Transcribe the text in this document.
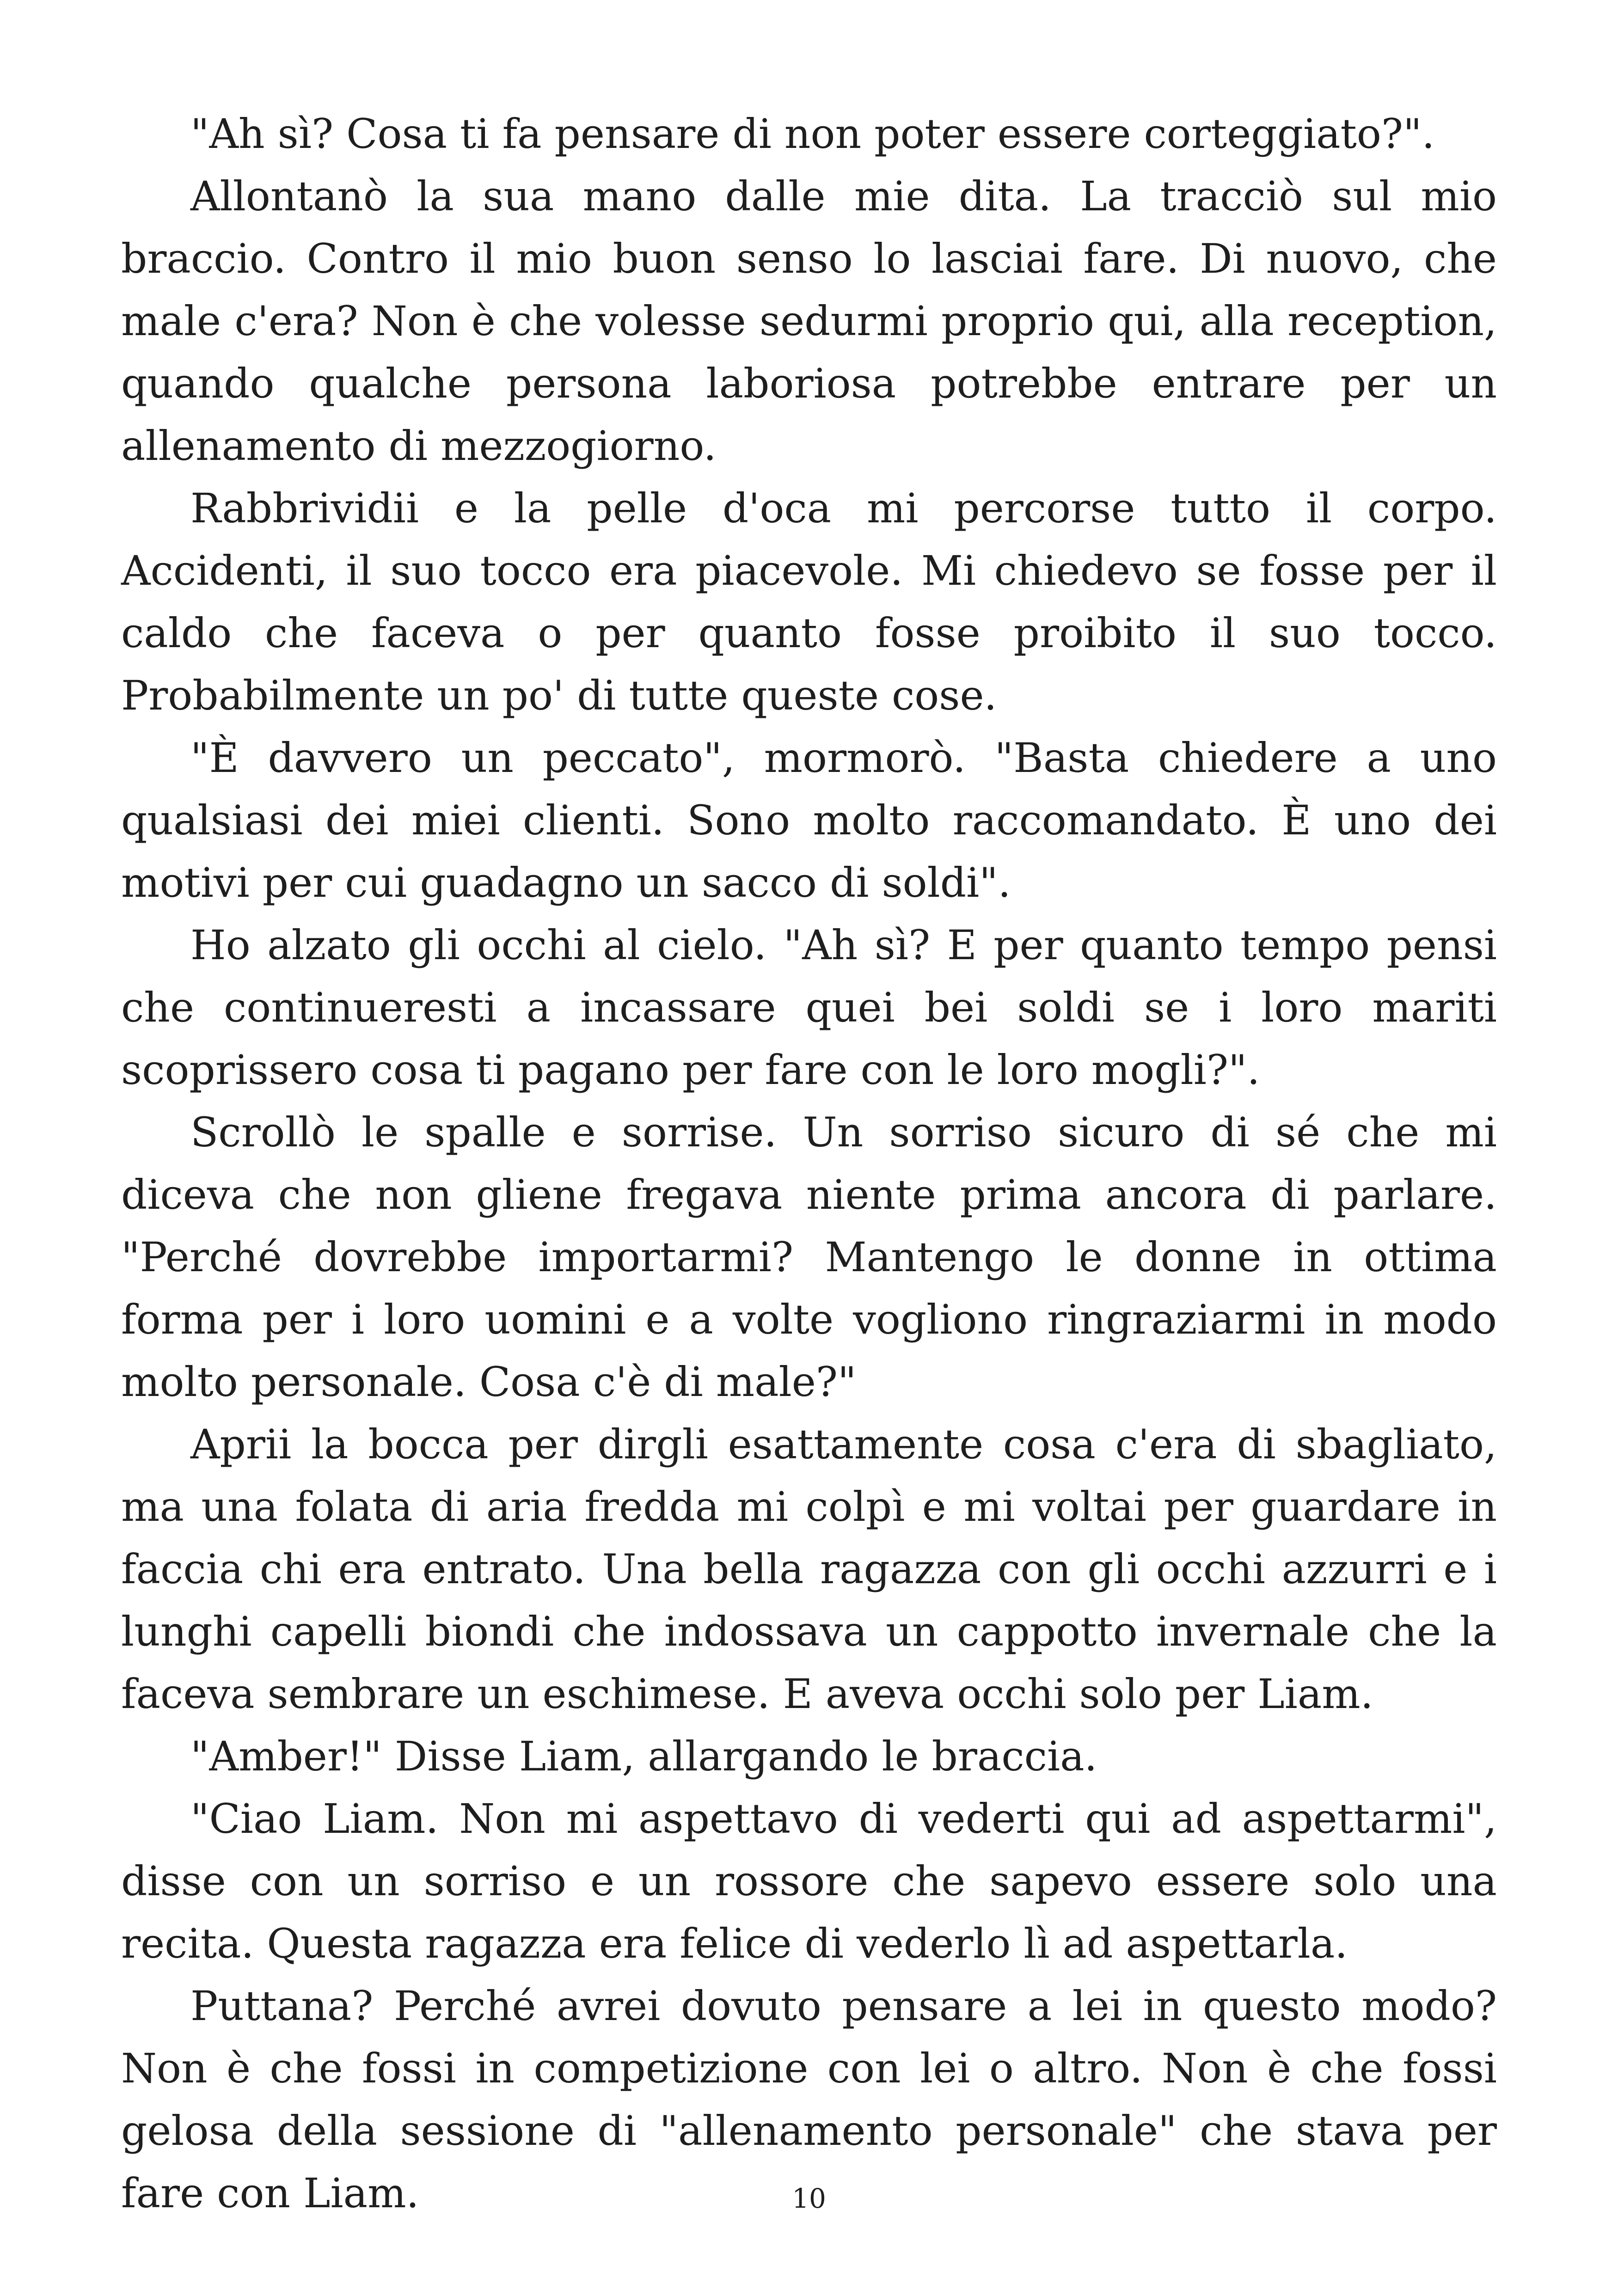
"Ah sì? Cosa ti fa pensare di non poter essere corteggiato?".

Allontanò la sua mano dalle mie dita. La tracciò sul mio braccio. Contro il mio buon senso lo lasciai fare. Di nuovo, che male c'era? Non è che volesse sedurmi proprio qui, alla reception, quando qualche persona laboriosa potrebbe entrare per un allenamento di mezzogiorno.

Rabbrividii e la pelle d'oca mi percorse tutto il corpo. Accidenti, il suo tocco era piacevole. Mi chiedevo se fosse per il caldo che faceva o per quanto fosse proibito il suo tocco. Probabilmente un po' di tutte queste cose.

"È davvero un peccato", mormorò. "Basta chiedere a uno qualsiasi dei miei clienti. Sono molto raccomandato. È uno dei motivi per cui guadagno un sacco di soldi".

Ho alzato gli occhi al cielo. "Ah sì? E per quanto tempo pensi che continueresti a incassare quei bei soldi se i loro mariti scoprissero cosa ti pagano per fare con le loro mogli?".

Scrollò le spalle e sorrise. Un sorriso sicuro di sé che mi diceva che non gliene fregava niente prima ancora di parlare. "Perché dovrebbe importarmi? Mantengo le donne in ottima forma per i loro uomini e a volte vogliono ringraziarmi in modo molto personale. Cosa c'è di male?"

Aprii la bocca per dirgli esattamente cosa c'era di sbagliato, ma una folata di aria fredda mi colpì e mi voltai per guardare in faccia chi era entrato. Una bella ragazza con gli occhi azzurri e i lunghi capelli biondi che indossava un cappotto invernale che la faceva sembrare un eschimese. E aveva occhi solo per Liam.

"Amber!" Disse Liam, allargando le braccia.

"Ciao Liam. Non mi aspettavo di vederti qui ad aspettarmi", disse con un sorriso e un rossore che sapevo essere solo una recita. Questa ragazza era felice di vederlo lì ad aspettarla.

Puttana? Perché avrei dovuto pensare a lei in questo modo? Non è che fossi in competizione con lei o altro. Non è che fossi gelosa della sessione di "allenamento personale" che stava per fare con Liam.	10
